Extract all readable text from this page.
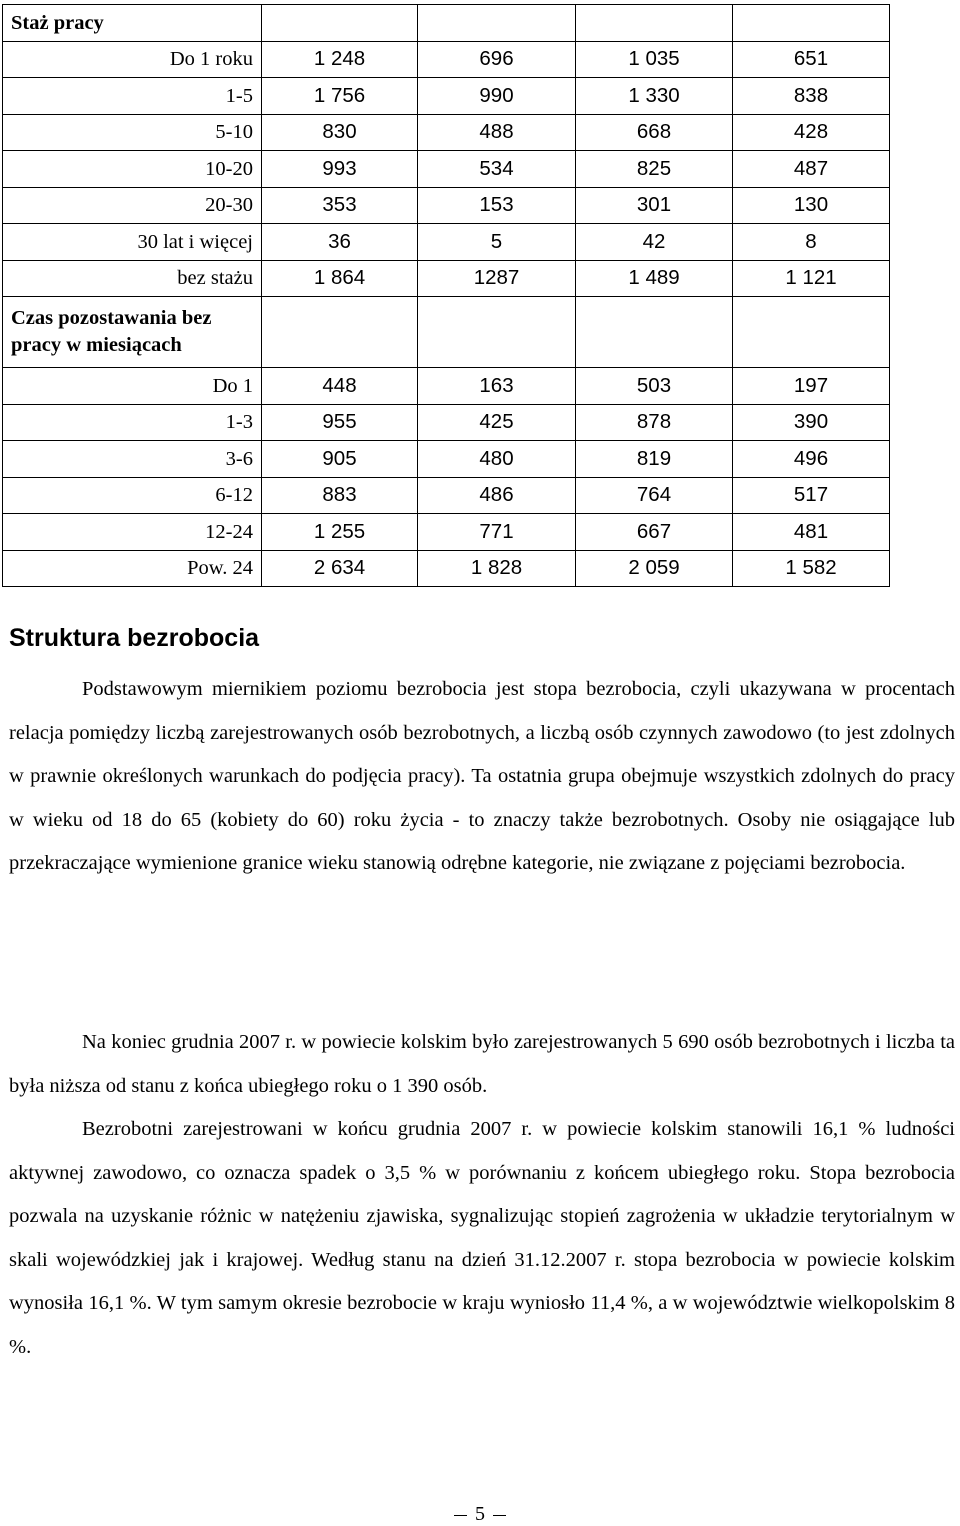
Staż pracy				
Do 1 roku	1 248	696	1 035	651
1-5	1 756	990	1 330	838
5-10	830	488	668	428
10-20	993	534	825	487
20-30	353	153	301	130
30 lat i więcej	36	5	42	8
bez stażu	1 864	1287	1 489	1 121
Czas pozostawania bez pracy w miesiącach				
Do 1	448	163	503	197
1-3	955	425	878	390
3-6	905	480	819	496
6-12	883	486	764	517
12-24	1 255	771	667	481
Pow. 24	2 634	1 828	2 059	1 582
Struktura bezrobocia

Podstawowym miernikiem poziomu bezrobocia jest stopa bezrobocia, czyli ukazywana w procentach relacja pomiędzy liczbą zarejestrowanych osób bezrobotnych, a liczbą osób czynnych zawodowo (to jest zdolnych w prawnie określonych warunkach do podjęcia pracy). Ta ostatnia grupa obejmuje wszystkich zdolnych do pracy w wieku od 18 do 65 (kobiety do 60) roku życia - to znaczy także bezrobotnych. Osoby nie osiągające lub przekraczające wymienione granice wieku stanowią odrębne kategorie, nie związane z pojęciami bezrobocia.

Na koniec grudnia 2007 r. w powiecie kolskim było zarejestrowanych 5 690 osób bezrobotnych i liczba ta była niższa od stanu z końca ubiegłego roku o 1 390 osób.

Bezrobotni zarejestrowani w końcu grudnia 2007 r. w powiecie kolskim stanowili 16,1 % ludności aktywnej zawodowo, co oznacza spadek o 3,5 % w porównaniu z końcem ubiegłego roku. Stopa bezrobocia pozwala na uzyskanie różnic w natężeniu zjawiska, sygnalizując stopień zagrożenia w układzie terytorialnym w skali wojewódzkiej jak i krajowej. Według stanu na dzień 31.12.2007 r. stopa bezrobocia w powiecie kolskim wynosiła 16,1 %. W tym samym okresie bezrobocie w kraju wyniosło 11,4 %, a w województwie wielkopolskim 8 %.

5
